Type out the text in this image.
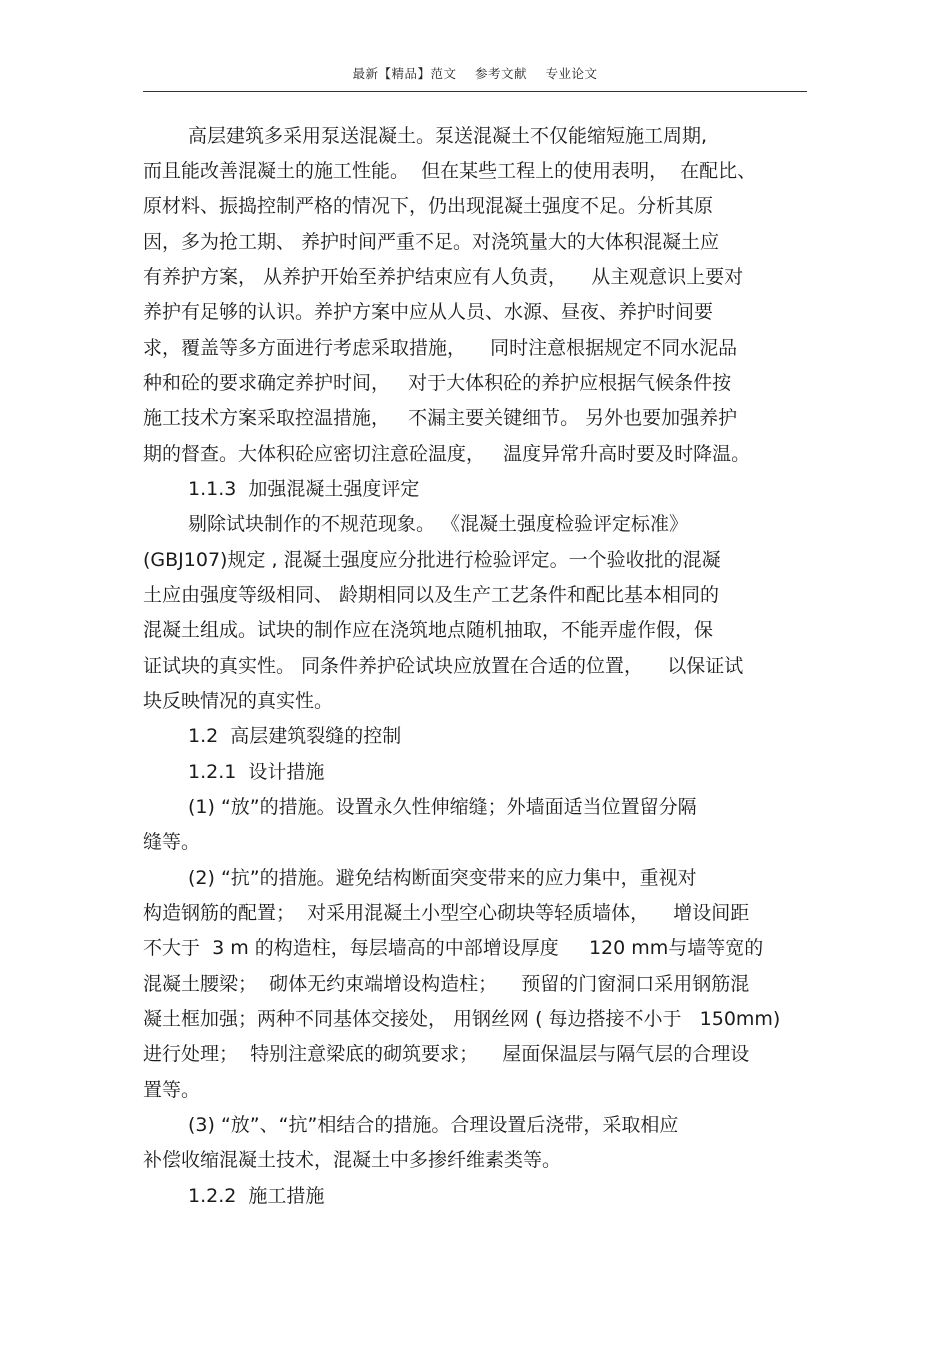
最新【精品】范文 参考文献 专业论文
高层建筑多采用泵送混凝土。泵送混凝土不仅能缩短施工周期,
而且能改善混凝土的施工性能。  但在某些工程上的使用表明，  在配比、
原材料、振捣控制严格的情况下，仍出现混凝土强度不足。分析其原
因，多为抢工期、 养护时间严重不足。对浇筑量大的大体积混凝土应
有养护方案， 从养护开始至养护结束应有人负责，    从主观意识上要对
养护有足够的认识。养护方案中应从人员、水源、昼夜、养护时间要
求，覆盖等多方面进行考虑采取措施，    同时注意根据规定不同水泥品
种和砼的要求确定养护时间，   对于大体积砼的养护应根据气候条件按
施工技术方案采取控温措施，   不漏主要关键细节。 另外也要加强养护
期的督查。大体积砼应密切注意砼温度，   温度异常升高时要及时降温。
1.1.3  加强混凝土强度评定
剔除试块制作的不规范现象。 《混凝土强度检验评定标准》
(GBJ107)规定 , 混凝土强度应分批进行检验评定。一个验收批的混凝
土应由强度等级相同、 龄期相同以及生产工艺条件和配比基本相同的
混凝土组成。试块的制作应在浇筑地点随机抽取，不能弄虚作假，保
证试块的真实性。 同条件养护砼试块应放置在合适的位置，    以保证试
块反映情况的真实性。
1.2  高层建筑裂缝的控制
1.2.1  设计措施
(1) “放”的措施。设置永久性伸缩缝；外墙面适当位置留分隔
缝等。
(2) “抗”的措施。避免结构断面突变带来的应力集中，重视对
构造钢筋的配置；  对采用混凝土小型空心砌块等轻质墙体，    增设间距
不大于  3 m 的构造柱，每层墙高的中部增设厚度     120 mm与墙等宽的
混凝土腰梁；  砌体无约束端增设构造柱；    预留的门窗洞口采用钢筋混
凝土框加强；两种不同基体交接处， 用钢丝网 ( 每边搭接不小于   150mm)
进行处理；  特别注意梁底的砌筑要求；    屋面保温层与隔气层的合理设
置等。
(3) “放”、“抗”相结合的措施。合理设置后浇带，采取相应
补偿收缩混凝土技术，混凝土中多掺纤维素类等。
1.2.2  施工措施
